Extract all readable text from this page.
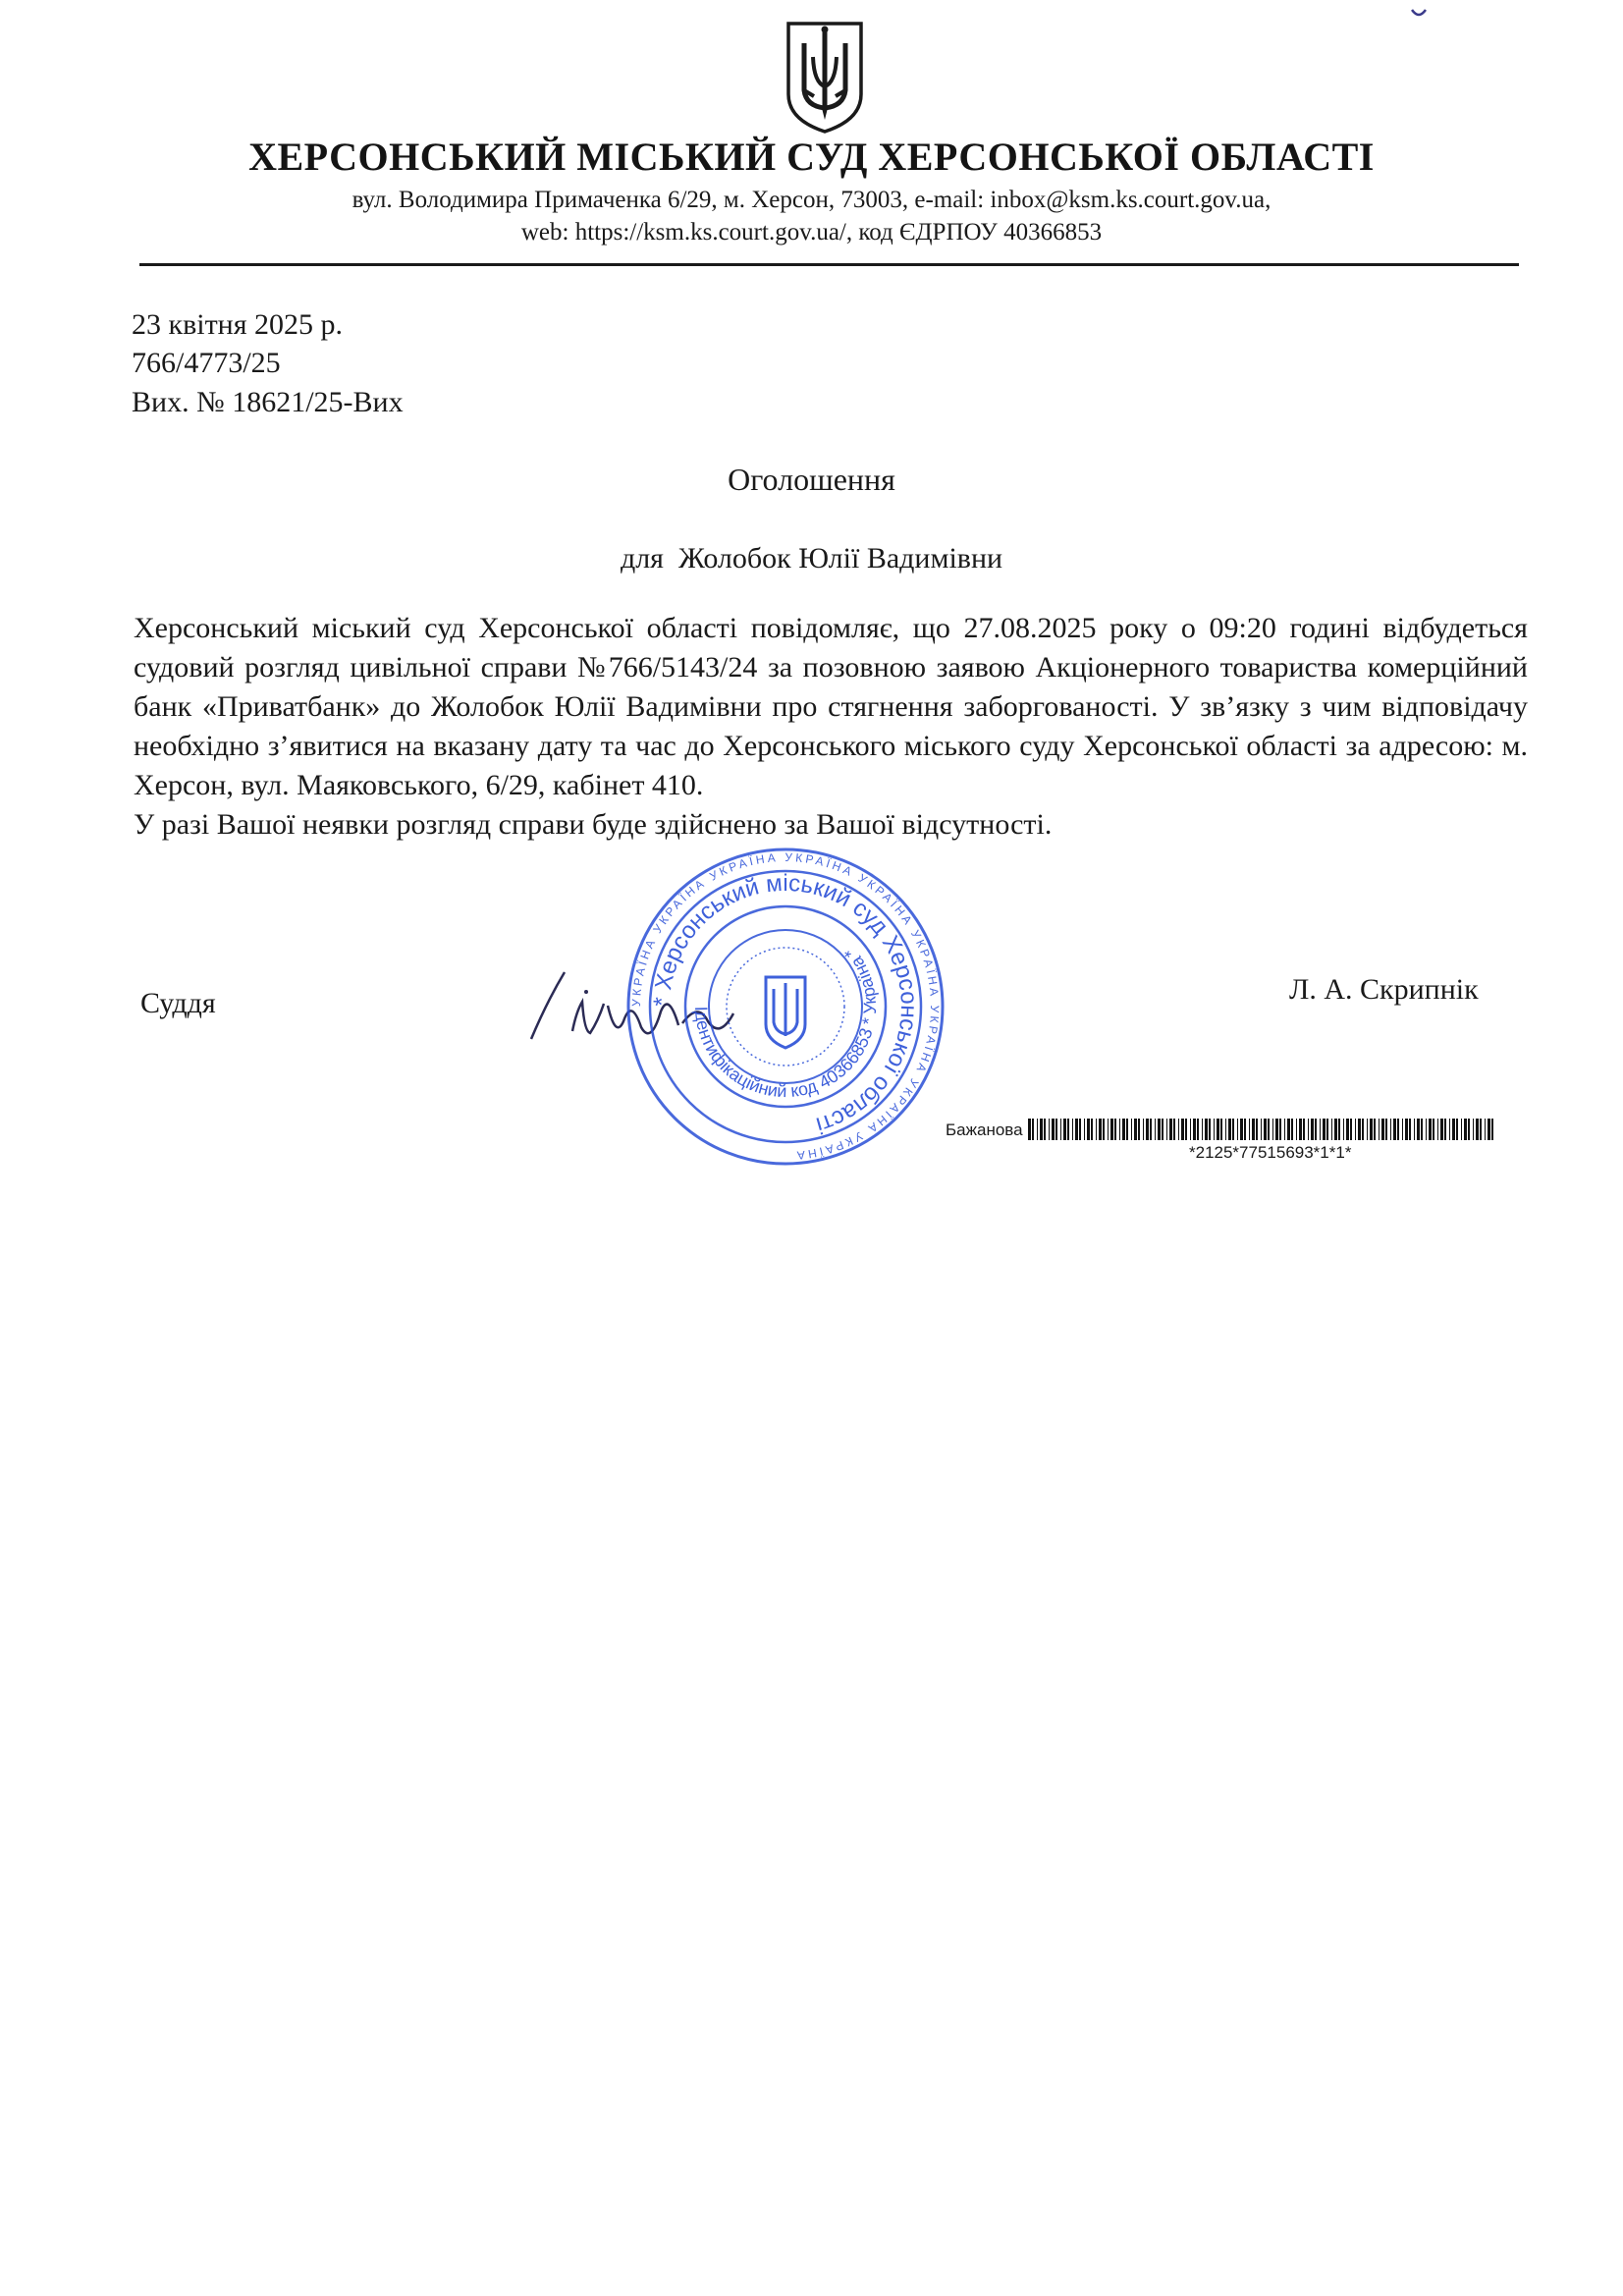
ХЕРСОНСЬКИЙ МІСЬКИЙ СУД ХЕРСОНСЬКОЇ ОБЛАСТІ
вул. Володимира Примаченка 6/29, м. Херсон, 73003, e-mail: inbox@ksm.ks.court.gov.ua,
web: https://ksm.ks.court.gov.ua/, код ЄДРПОУ 40366853
23 квітня 2025 р.
766/4773/25
Вих. № 18621/25-Вих
Оголошення
для  Жолобок Юлії Вадимівни

Херсонський міський суд Херсонської області повідомляє, що 27.08.2025 року о 09:20 годині відбудеться судовий розгляд цивільної справи №766/5143/24 за позовною заявою Акціонерного товариства комерційний банк «Приватбанк» до Жолобок Юлії Вадимівни про стягнення заборгованості. У зв’язку з чим відповідачу необхідно з’явитися на вказану дату та час до Херсонського міського суду Херсонської області за адресою: м. Херсон, вул. Маяковського, 6/29, кабінет 410.

У разі Вашої неявки розгляд справи буде здійснено за Вашої відсутності.

Суддя	УКРАЇНА УКРАЇНА УКРАЇНА УКРАЇНА УКРАЇНА УКРАЇНА УКРАЇНА УКРАЇНА УКРАЇНА
* Херсонський міський суд Херсонської області
Ідентифікаційний код 40366853 * Україна *
Л. А. Скрипнік
Бажанова
*2125*77515693*1*1*
